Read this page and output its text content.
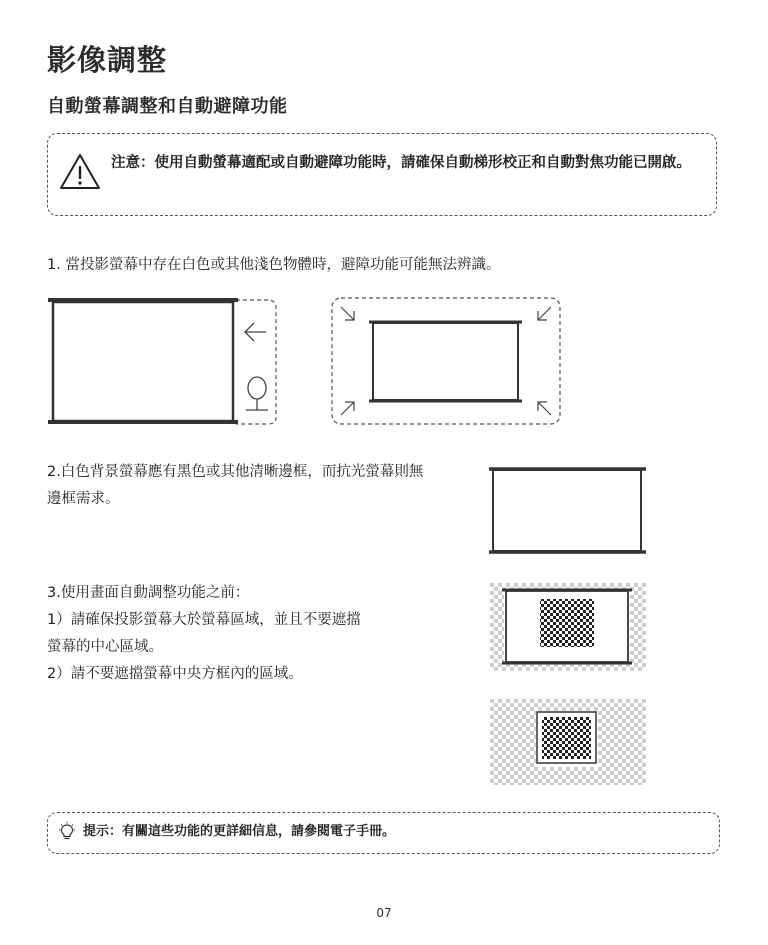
影像調整
自動螢幕調整和自動避障功能
注意：使用自動螢幕適配或自動避障功能時，請確保自動梯形校正和自動對焦功能已開啟。
1. 當投影螢幕中存在白色或其他淺色物體時，避障功能可能無法辨識。
2.白色背景螢幕應有黑色或其他清晰邊框，而抗光螢幕則無邊框需求。
3.使用畫面自動調整功能之前：
1）請確保投影螢幕大於螢幕區域，並且不要遮擋
螢幕的中心區域。
2）請不要遮擋螢幕中央方框內的區域。
提示：有關這些功能的更詳細信息，請參閱電子手冊。
07
